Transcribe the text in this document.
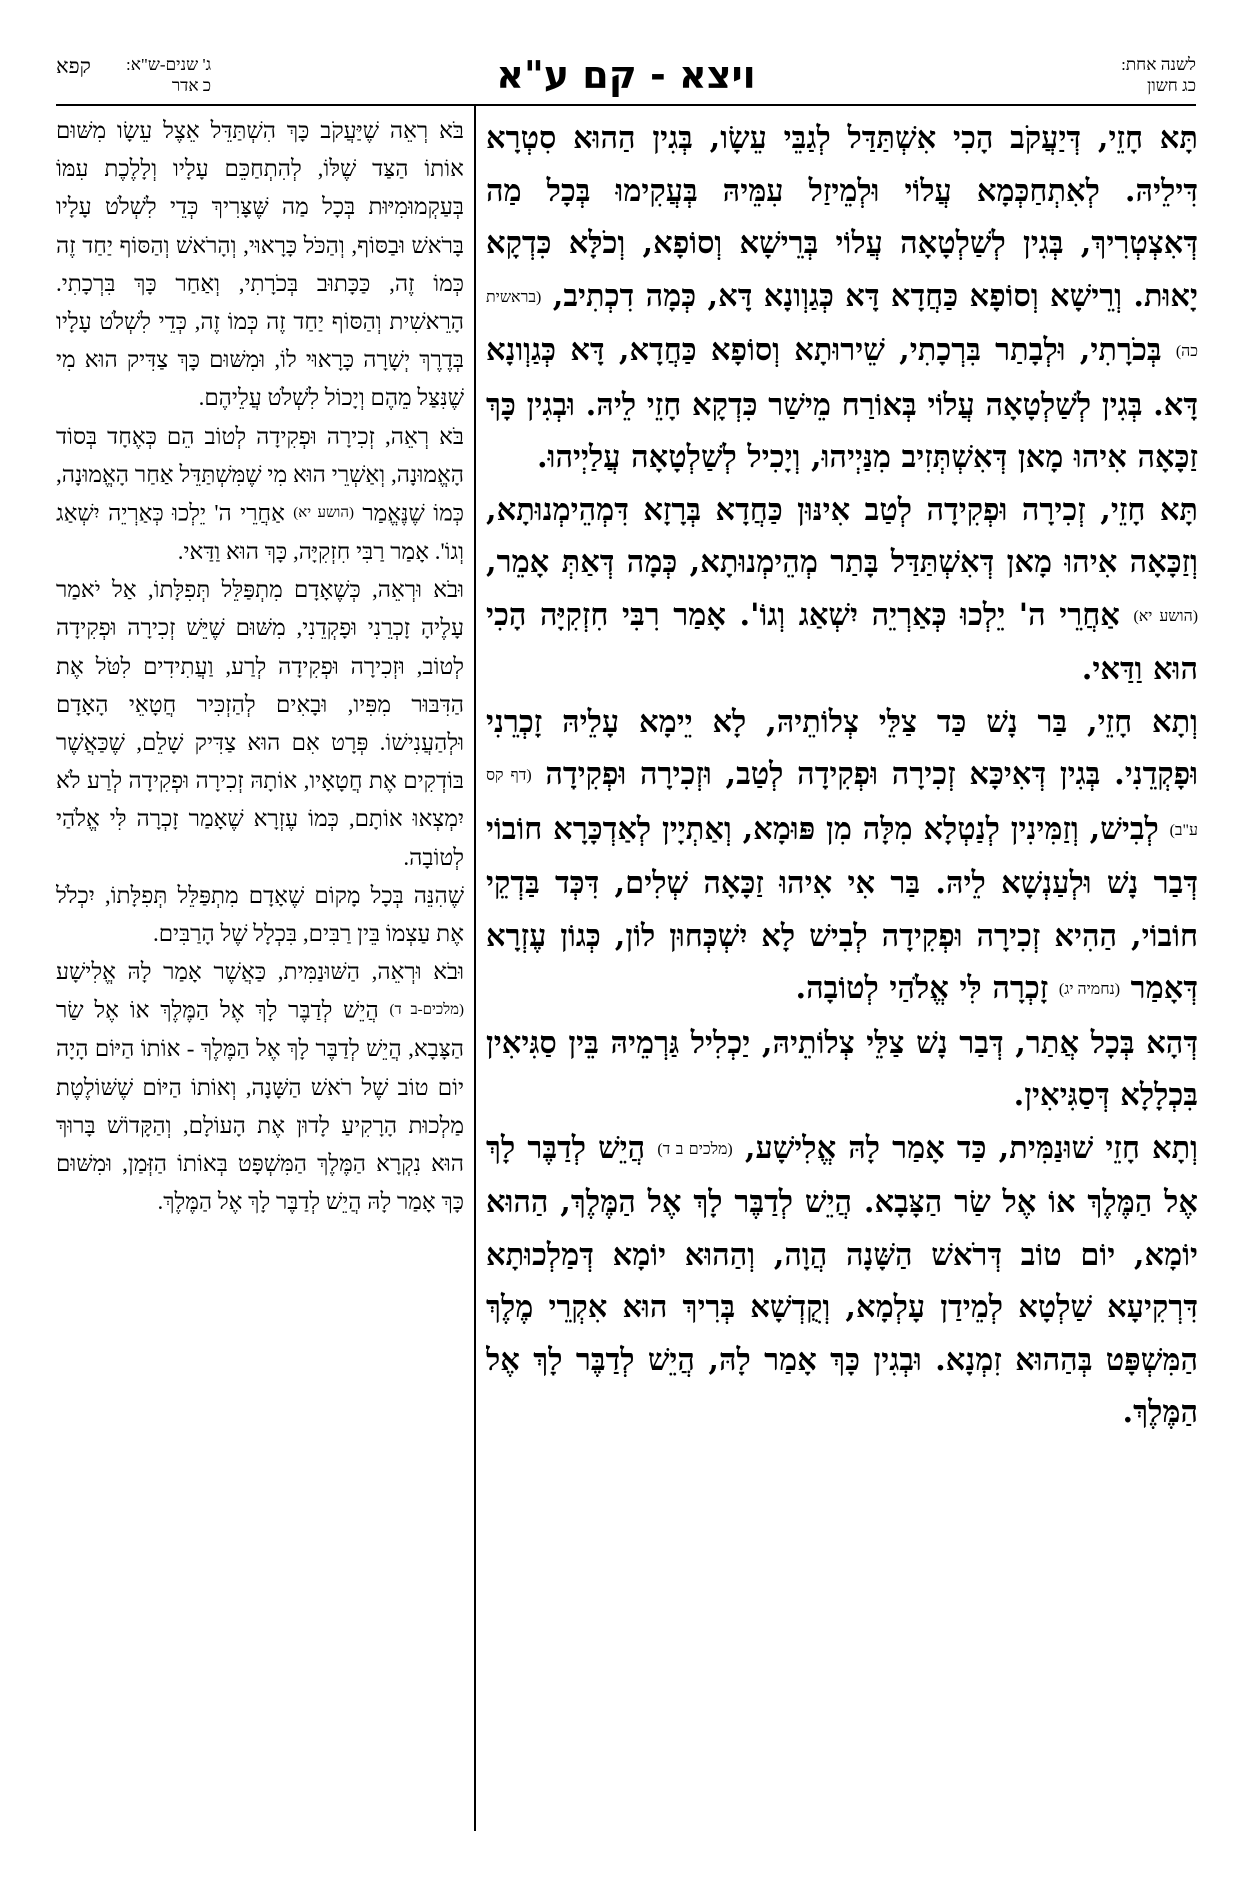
לשנה אחת:
כג חשון
ויצא - קם ע"א
ג' שנים-ש"א:
כ אדר
קפא

תָּא חָזֵי, דְּיַעֲקֹב הָכִי אִשְׁתַּדַּל לְגַבֵּי עֵשָׂו, בְּגִין הַהוּא סִטְרָא דִּילֵיהּ. לְאִתְחַכְּמָא עֲלוֹי וּלְמֵיזַל עִמֵּיהּ בְּעֲקִימוּ בְּכָל מַה דְּאִצְטְרִיךְ, בְּגִין לְשַׁלְטָאָה עֲלוֹי בְּרֵישָׁא וְסוֹפָא, וְכֹלָּא כִּדְקָא יָאוּת. וְרֵישָׁא וְסוֹפָא כַּחֲדָא דָּא כְּגַוְונָא דָּא, כְּמָה דִכְתִיב, (בראשית כה) בְּכֹרָתִי, וּלְבָתַר בִּרְכָתִי, שֵׁירוּתָא וְסוֹפָא כַּחֲדָא, דָּא כְּגַוְונָא דָּא. בְּגִין לְשַׁלְטָאָה עֲלוֹי בְּאוֹרַח מֵישַׁר כִּדְקָא חָזֵי לֵיהּ. וּבְגִין כָּךְ זַכָּאָה אִיהוּ מָאן דְּאִשְׁתְּזִיב מִנַּיְיהוּ, וְיָכִיל לְשַׁלְטָאָה עֲלַיְיהוּ.

תָּא חָזֵי, זְכִירָה וּפְקִידָה לְטַב אִינּוּן כַּחֲדָא בְּרָזָא דִּמְהֵימְנוּתָא, וְזַכָּאָה אִיהוּ מָאן דְּאִשְׁתַּדַּל בָּתַר מְהֵימְנוּתָא, כְּמָה דְּאַתְּ אָמֵר, (הושע יא) אַחֲרֵי ה' יֵלְכוּ כְּאַרְיֵה יִשְׁאַג וְגוֹ'. אָמַר רִבִּי חִזְקִיָּה הָכִי הוּא וַדַּאי.

וְתָא חָזֵי, בַּר נָשׁ כַּד צַלֵּי צְלוֹתֵיהּ, לָא יֵימָא עָלֵיהּ זָכְרֵנִי וּפָקְדֵנִי. בְּגִין דְּאִיכָּא זְכִירָה וּפְקִידָה לְטַב, וּזְכִירָה וּפְקִידָה (דף קס ע"ב) לְבִישׁ, וְזַמִּינִין לְנַטְלָא מִלָּה מִן פּוּמָא, וְאַתְיָין לְאַדְכָּרָא חוֹבוֹי דְּבַר נָשׁ וּלְעַנְשָׁא לֵיהּ. בַּר אִי אִיהוּ זַכָּאָה שְׁלִים, דִּכְּד בַּדְקֵי חוֹבוֹי, הַהִיא זְכִירָה וּפְקִידָה לְבִישׁ לָא יִשְׁכְּחוּן לוֹן, כְּגוֹן עֶזְרָא דְּאָמַר (נחמיה יג) זָכְרָה לִּי אֱלֹהַי לְטוֹבָה.

דְּהָא בְּכָל אֲתַר, דְּבַר נָשׁ צַלֵּי צְלוֹתֵיהּ, יַכְלִיל גַּרְמֵיהּ בֵּין סַגִּיאִין בִּכְלָלָא דְּסַגִּיאִין.

וְתָא חָזֵי שׁוּנַמִּית, כַּד אָמַר לָהּ אֱלִישָׁע, (מלכים ב ד) הֲיֵשׁ לְדַבֶּר לָךְ אֶל הַמֶּלֶךְ אוֹ אֶל שַׂר הַצָּבָא. הֲיֵשׁ לְדַבֶּר לָךְ אֶל הַמֶּלֶךְ, הַהוּא יוֹמָא, יוֹם טוֹב דְּרֹאשׁ הַשָּׁנָה הֲוָה, וְהַהוּא יוֹמָא דְּמַלְכוּתָא דִּרְקִיעָא שַׁלְטָא לְמֵידַן עָלְמָא, וְקֻדְשָׁא בְּרִיךְ הוּא אִקְרֵי מֶלֶךְ הַמִּשְׁפָּט בְּהַהוּא זִמְנָא. וּבְגִין כָּךְ אָמַר לָהּ, הֲיֵשׁ לְדַבֶּר לָךְ אֶל הַמֶּלֶךְ.

בֹּא רְאֵה שֶׁיַּעֲקֹב כָּךְ הִשְׁתַּדֵּל אֵצֶל עֵשָׂו מִשּׁוּם אוֹתוֹ הַצַּד שֶׁלּוֹ, לְהִתְחַכֵּם עָלָיו וְלָלֶכֶת עִמּוֹ בְּעַקְמוּמִיּוּת בְּכָל מַה שֶּׁצָּרִיךְ כְּדֵי לִשְׁלֹט עָלָיו בָּרֹאשׁ וּבַסּוֹף, וְהַכֹּל כָּרָאוּי, וְהָרֹאשׁ וְהַסּוֹף יַחַד זֶה כְּמוֹ זֶה, כַּכָּתוּב בְּכֹרָתִי, וְאַחַר כָּךְ בִּרְכָתִי. הָרֵאשִׁית וְהַסּוֹף יַחַד זֶה כְּמוֹ זֶה, כְּדֵי לִשְׁלֹט עָלָיו בְּדֶרֶךְ יְשָׁרָה כָּרָאוּי לוֹ, וּמִשּׁוּם כָּךְ צַדִּיק הוּא מִי שֶׁנִּצַּל מֵהֶם וְיָכוֹל לִשְׁלֹט עֲלֵיהֶם.

בֹּא רְאֵה, זְכִירָה וּפְקִידָה לְטוֹב הֵם כְּאֶחָד בְּסוֹד הָאֱמוּנָה, וְאַשְׁרֵי הוּא מִי שֶׁמִּשְׁתַּדֵּל אַחַר הָאֱמוּנָה, כְּמוֹ שֶׁנֶּאֱמַר (הושע יא) אַחֲרֵי ה' יֵלְכוּ כְּאַרְיֵה יִשְׁאַג וְגוֹ'. אָמַר רַבִּי חִזְקִיָּה, כָּךְ הוּא וַדַּאי.

וּבֹא וּרְאֵה, כְּשֶׁאָדָם מִתְפַּלֵּל תְּפִלָּתוֹ, אַל יֹאמַר עָלֶיהָ זָכְרֵנִי וּפָקְדֵנִי, מִשּׁוּם שֶׁיֵּשׁ זְכִירָה וּפְקִידָה לְטוֹב, וּזְכִירָה וּפְקִידָה לְרַע, וַעֲתִידִים לִטֹּל אֶת הַדִּבּוּר מִפִּיו, וּבָאִים לְהַזְכִּיר חֲטָאֵי הָאָדָם וּלְהַעֲנִישׁוֹ. פְּרָט אִם הוּא צַדִּיק שָׁלֵם, שֶׁכַּאֲשֶׁר בּוֹדְקִים אֶת חֲטָאָיו, אוֹתָהּ זְכִירָה וּפְקִידָה לְרַע לֹא יִמְצְאוּ אוֹתָם, כְּמוֹ עֶזְרָא שֶׁאָמַר זָכְרָה לִּי אֱלֹהַי לְטוֹבָה.

שֶׁהִנֵּה בְּכָל מָקוֹם שֶׁאָדָם מִתְפַּלֵּל תְּפִלָּתוֹ, יִכְלֹל אֶת עַצְמוֹ בֵּין רַבִּים, בִּכְלָל שֶׁל הָרַבִּים.

וּבֹא וּרְאֵה, הַשּׁוּנַמִּית, כַּאֲשֶׁר אָמַר לָהּ אֱלִישָׁע (מלכים-ב ד) הֲיֵשׁ לְדַבֶּר לָךְ אֶל הַמֶּלֶךְ אוֹ אֶל שַׂר הַצָּבָא, הֲיֵשׁ לְדַבֶּר לָךְ אֶל הַמֶּלֶךְ - אוֹתוֹ הַיּוֹם הָיָה יוֹם טוֹב שֶׁל רֹאשׁ הַשָּׁנָה, וְאוֹתוֹ הַיּוֹם שֶׁשּׁוֹלֶטֶת מַלְכוּת הָרָקִיעַ לָדוּן אֶת הָעוֹלָם, וְהַקָּדוֹשׁ בָּרוּךְ הוּא נִקְרָא הַמֶּלֶךְ הַמִּשְׁפָּט בְּאוֹתוֹ הַזְּמַן, וּמִשּׁוּם כָּךְ אָמַר לָהּ הֲיֵשׁ לְדַבֶּר לָךְ אֶל הַמֶּלֶךְ.
